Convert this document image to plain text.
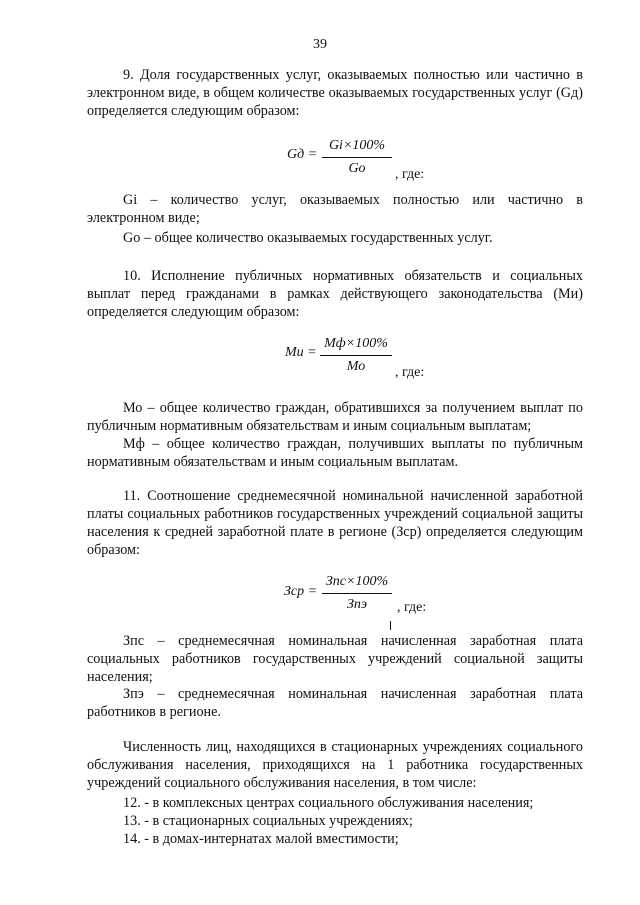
39
9. Доля государственных услуг, оказываемых полностью или частично в электронном виде, в общем количестве оказываемых государственных услуг (Gд) определяется следующим образом:
Gд =
Gi×100%
Go	, где:
Gi – количество услуг, оказываемых полностью или частично в электронном виде;
Go – общее количество оказываемых государственных услуг.
10. Исполнение публичных нормативных обязательств и социальных выплат перед гражданами в рамках действующего законодательства (Ми) определяется следующим образом:
Ми =
Мф×100%
Мо	, где:
Мо – общее количество граждан, обратившихся за получением выплат по публичным нормативным обязательствам и иным социальным выплатам;
Мф – общее количество граждан, получивших выплаты по публичным нормативным обязательствам и иным социальным выплатам.
11. Соотношение среднемесячной номинальной начисленной заработной платы социальных работников государственных учреждений социальной защиты населения к средней заработной плате в регионе (Зср) определяется следующим образом:
Зср =
Зпс×100%
Зпэ	, где:
Зпс – среднемесячная номинальная начисленная заработная плата социальных работников государственных учреждений социальной защиты населения;
Зпэ – среднемесячная номинальная начисленная заработная плата работников в регионе.
Численность лиц, находящихся в стационарных учреждениях социального обслуживания населения, приходящихся на 1 работника государственных учреждений социального обслуживания населения, в том числе:
12. - в комплексных центрах социального обслуживания населения;
13. - в стационарных социальных учреждениях;
14. - в домах-интернатах малой вместимости;
